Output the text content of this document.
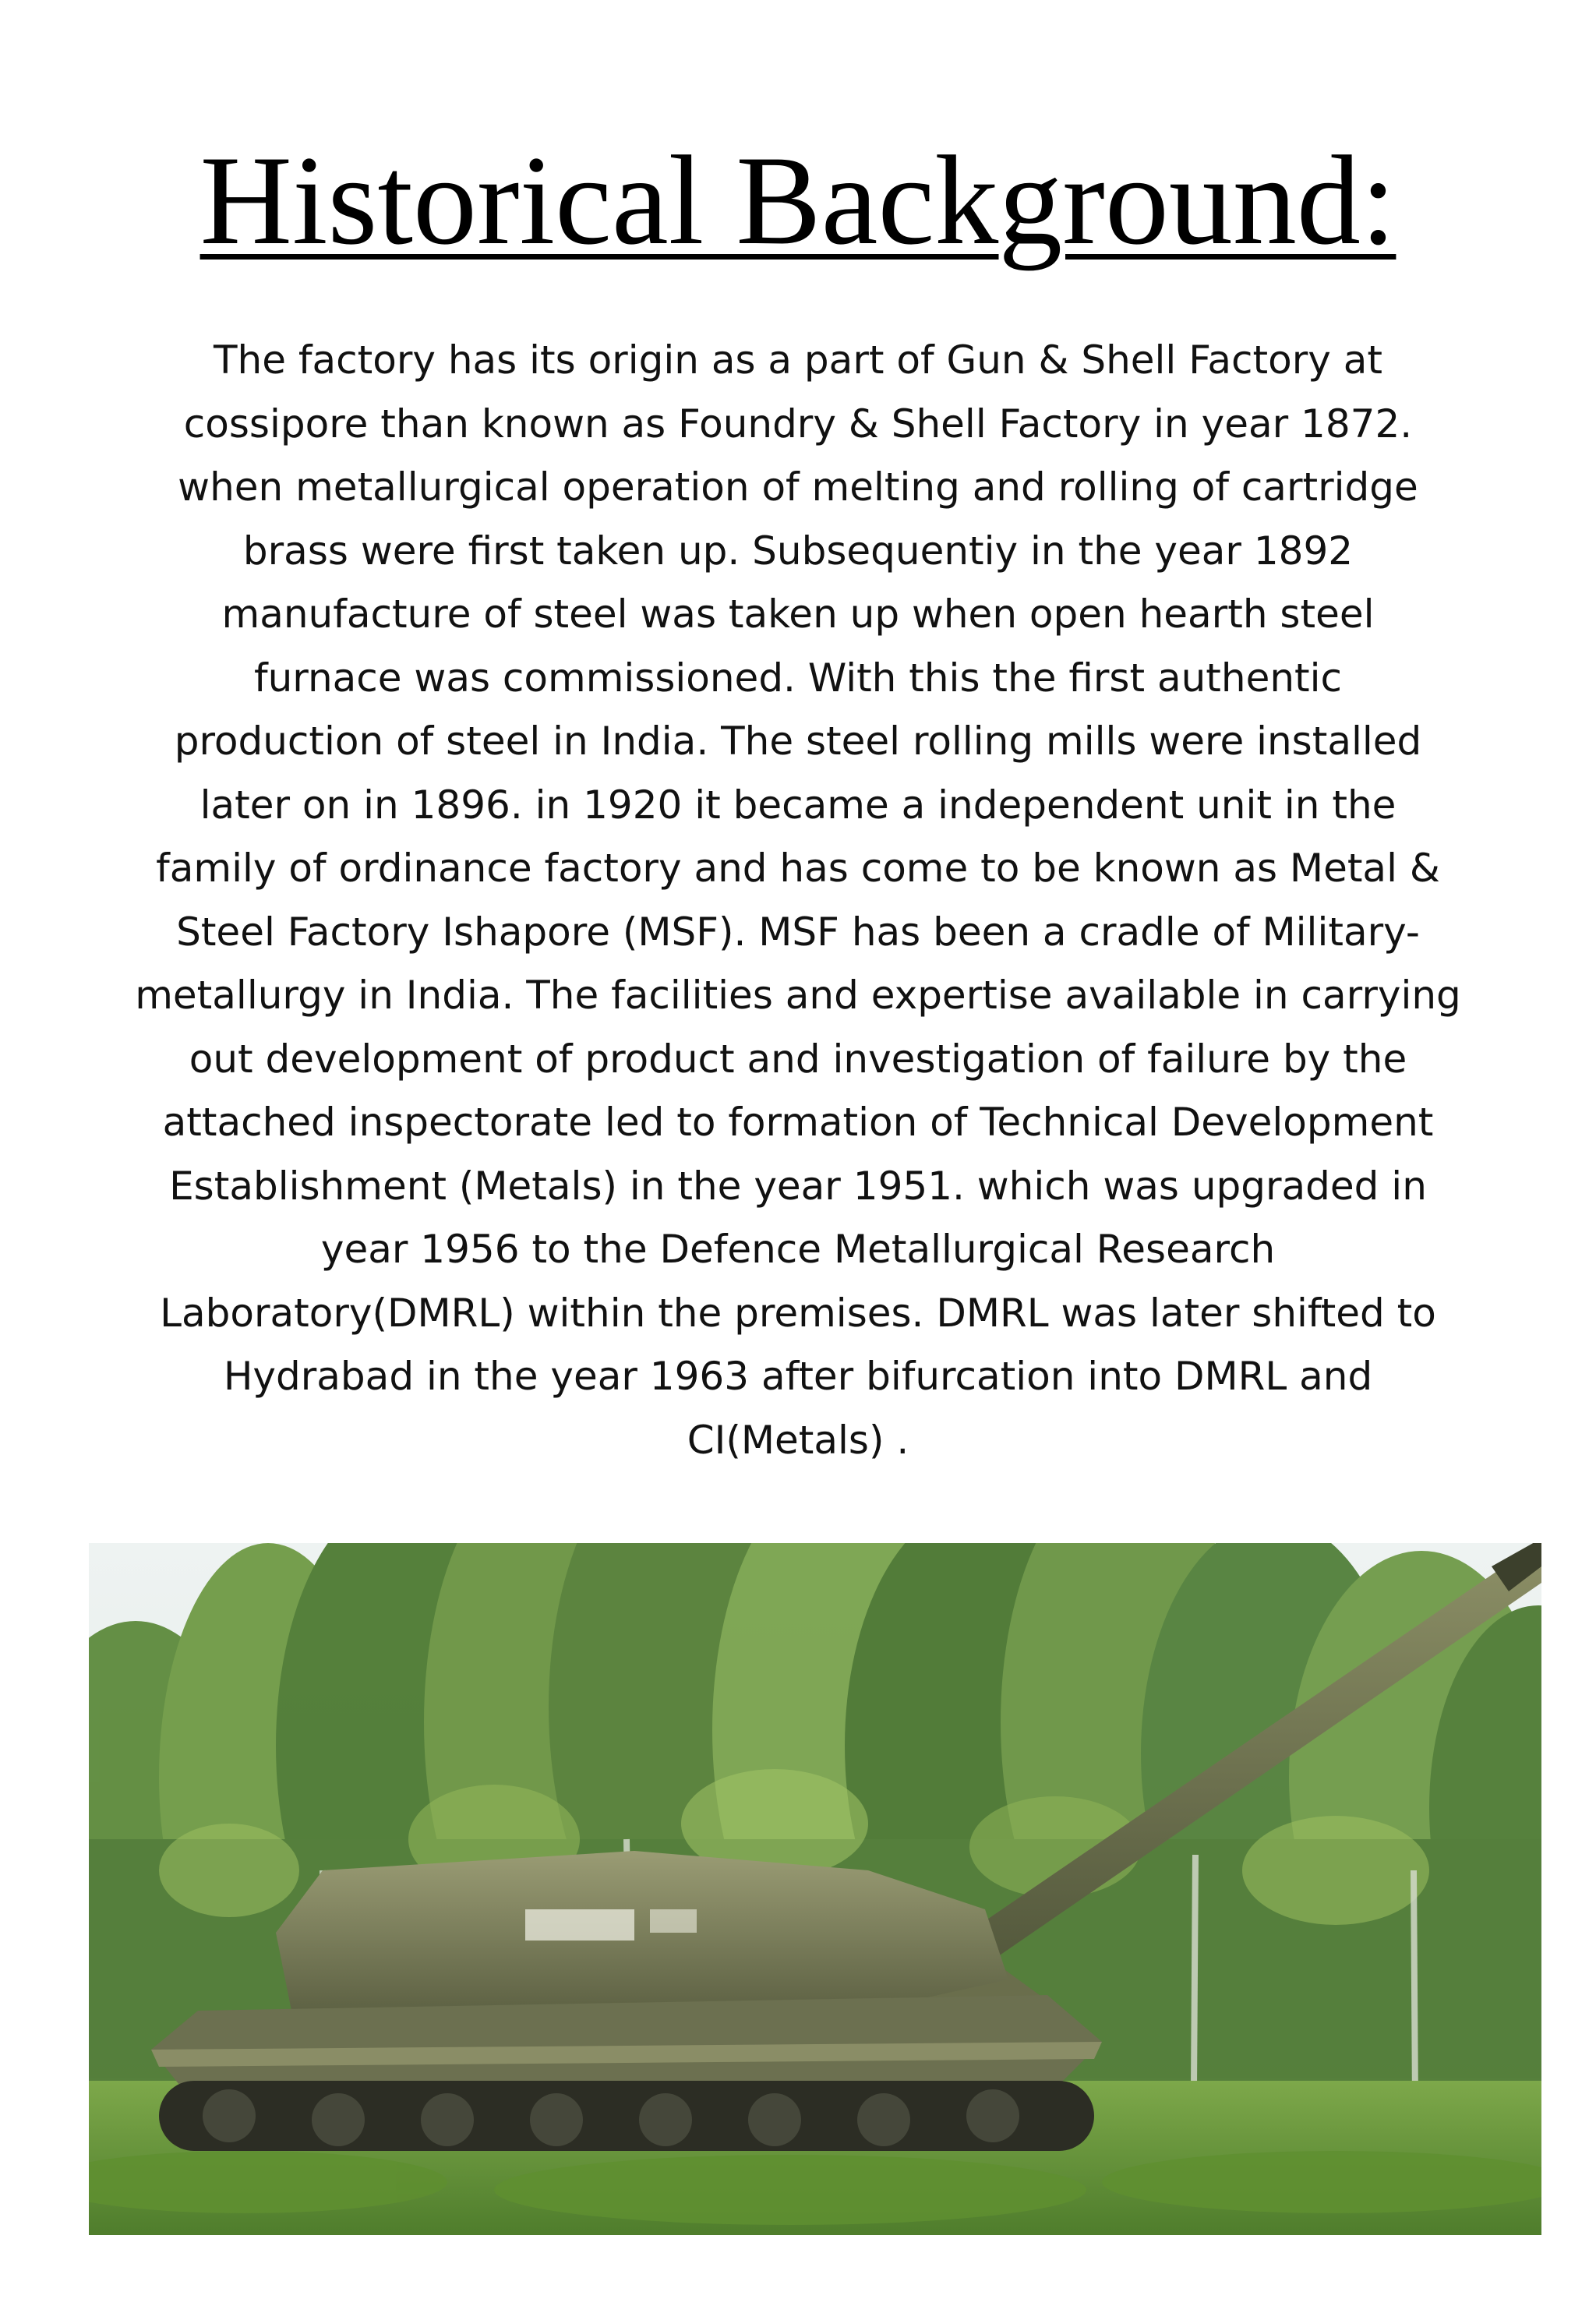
Historical Background:

The factory has its origin as a part of Gun & Shell Factory at
cossipore than known as Foundry & Shell Factory in year 1872.
when metallurgical operation of melting and rolling of cartridge
brass were first taken up. Subsequentiy in the year 1892
manufacture of steel was taken up when open hearth steel
furnace was commissioned. With this the first authentic
production of steel in India. The steel rolling mills were installed
later on in 1896. in 1920 it became a independent unit in the
family of ordinance factory and has come to be known as Metal &
Steel Factory Ishapore (MSF). MSF has been a cradle of Military-
metallurgy in India. The facilities and expertise available in carrying
out development of product and investigation of failure by the
attached inspectorate led to formation of Technical Development
Establishment (Metals) in the year 1951. which was upgraded in
year 1956 to the Defence Metallurgical Research
Laboratory(DMRL) within the premises. DMRL was later shifted to
Hydrabad in the year 1963 after bifurcation into DMRL and
CI(Metals) .
